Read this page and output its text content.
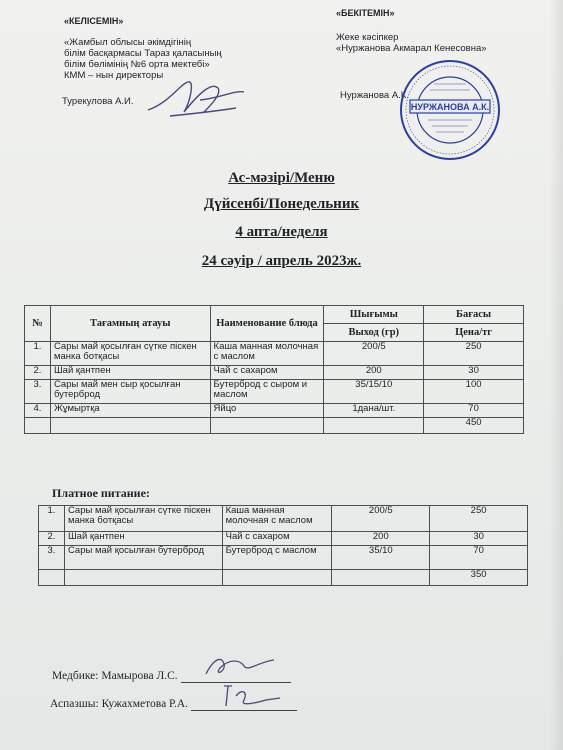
«КЕЛІСЕМІН»
«Жамбыл облысы әкімдігінің
білім басқармасы Тараз қаласының
білім бөлімінің №6 орта мектебі»
КММ – нын директоры
Турекулова А.И.
«БЕКІТЕМІН»
Жеке кәсіпкер
«Нуржанова Акмарал Кенесовна»
Нуржанова А.К.
НУРЖАНОВА А.К.
Ас-мәзірі/Меню
Дүйсенбі/Понедельник
4 апта/неделя
24 сәуір / апрель 2023ж.
№	Тағамның атауы	Наименование блюда	Шығымы	Бағасы
			Выход (гр)	Цена/тг
1.	Сары май қосылған сүтке піскен манка ботқасы	Каша манная молочная с маслом	200/5	250
2.	Шай қантпен	Чай с сахаром	200	30
3.	Сары май мен сыр қосылған бутерброд	Бутерброд с сыром и маслом	35/15/10	100
4.	Жұмыртқа	Яйцо	1дана/шт.	70
				450
Платное питание:
1.	Сары май қосылған сүтке піскен манка ботқасы	Каша манная молочная с маслом	200/5	250
2.	Шай қантпен	Чай с сахаром	200	30
3.	Сары май қосылған бутерброд	Бутерброд с маслом	35/10	70
				350
Медбике: Мамырова Л.С.
Аспазшы: Кужахметова Р.А.
